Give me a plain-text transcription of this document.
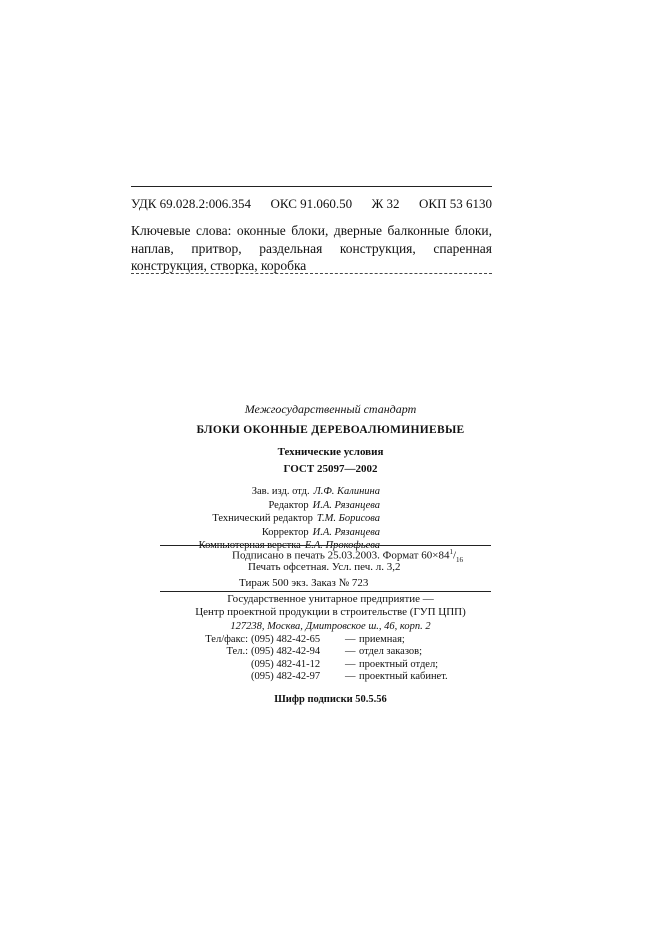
УДК 69.028.2:006.354 ОКС 91.060.50 Ж 32 ОКП 53 6130
Ключевые слова: оконные блоки, дверные балконные блоки, наплав, притвор, раздельная конструкция, спаренная конструкция, створка, коробка
Межгосударственный стандарт
БЛОКИ ОКОННЫЕ ДЕРЕВОАЛЮМИНИЕВЫЕ
Технические условия
ГОСТ 25097—2002
Зав. изд. отд. Л.Ф. Калинина
Редактор И.А. Рязанцева
Технический редактор Т.М. Борисова
Корректор И.А. Рязанцева
Компьютерная верстка Е.А. Прокофьева
Подписано в печать 25.03.2003. Формат $60\times 84^1/_{16}$
Печать офсетная. Усл. печ. л. 3,2
Тираж 500 экз. Заказ № 723
Государственное унитарное предприятие —
Центр проектной продукции в строительстве (ГУП ЦПП)
127238, Москва, Дмитровское ш., 46, корп. 2
Тел/факс: (095) 482-42-65	— приемная;
Тел.: (095) 482-42-94	— отдел заказов;
(095) 482-41-12	— проектный отдел;
(095) 482-42-97	— проектный кабинет.
Шифр подписки 50.5.56
